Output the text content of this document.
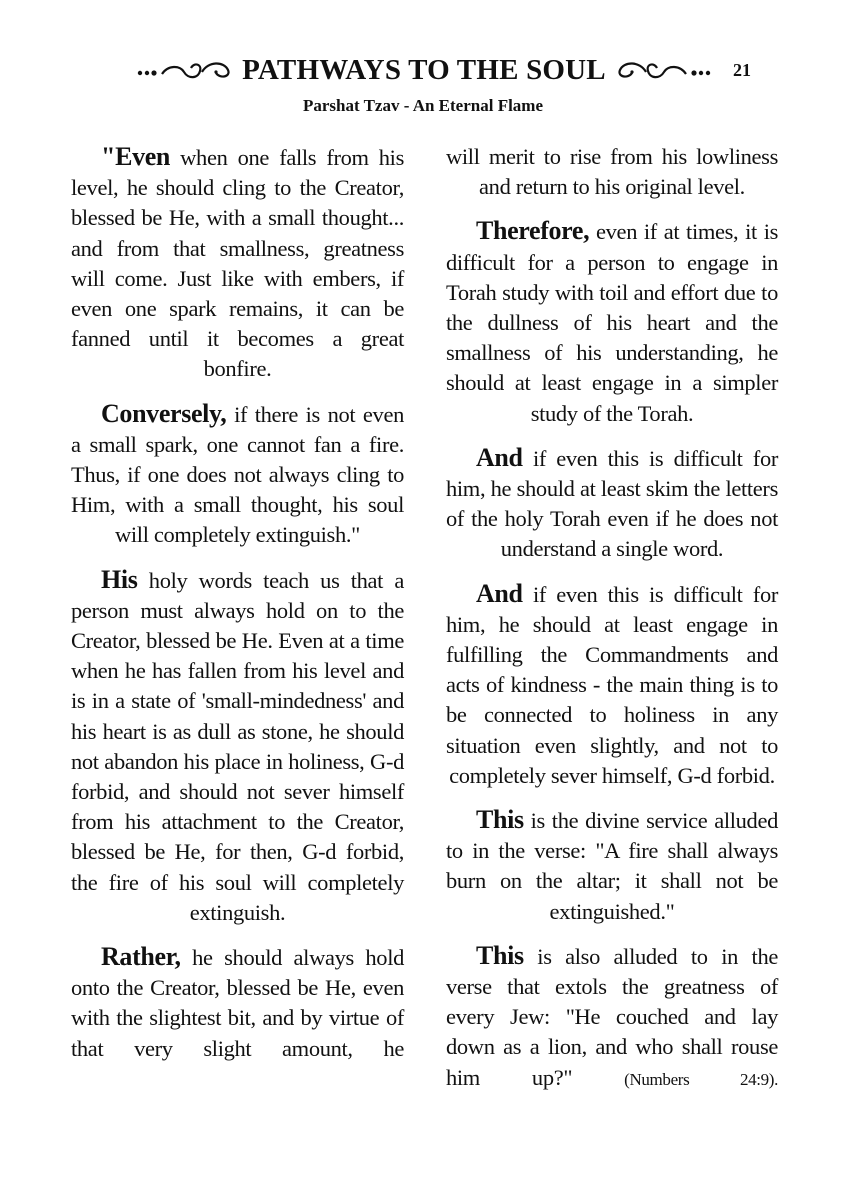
PATHWAYS TO THE SOUL	21
Parshat Tzav - An Eternal Flame

"Even when one falls from his level, he should cling to the Creator, blessed be He, with a small thought... and from that smallness, greatness will come. Just like with embers, if even one spark remains, it can be fanned until it becomes a great bonfire.

Conversely, if there is not even a small spark, one cannot fan a fire. Thus, if one does not always cling to Him, with a small thought, his soul will completely extinguish."

His holy words teach us that a person must always hold on to the Creator, blessed be He. Even at a time when he has fallen from his level and is in a state of 'small-mindedness' and his heart is as dull as stone, he should not abandon his place in holiness, G-d forbid, and should not sever himself from his attachment to the Creator, blessed be He, for then, G-d forbid, the fire of his soul will completely extinguish.

Rather, he should always hold onto the Creator, blessed be He, even with the slightest bit, and by virtue of that very slight amount, he

will merit to rise from his lowliness and return to his original level.

Therefore, even if at times, it is difficult for a person to engage in Torah study with toil and effort due to the dullness of his heart and the smallness of his understanding, he should at least engage in a simpler study of the Torah.

And if even this is difficult for him, he should at least skim the letters of the holy Torah even if he does not understand a single word.

And if even this is difficult for him, he should at least engage in fulfilling the Commandments and acts of kindness - the main thing is to be connected to holiness in any situation even slightly, and not to completely sever himself, G-d forbid.

This is the divine service alluded to in the verse: "A fire shall always burn on the altar; it shall not be extinguished."

This is also alluded to in the verse that extols the greatness of every Jew: "He couched and lay down as a lion, and who shall rouse him up?" (Numbers 24:9).
